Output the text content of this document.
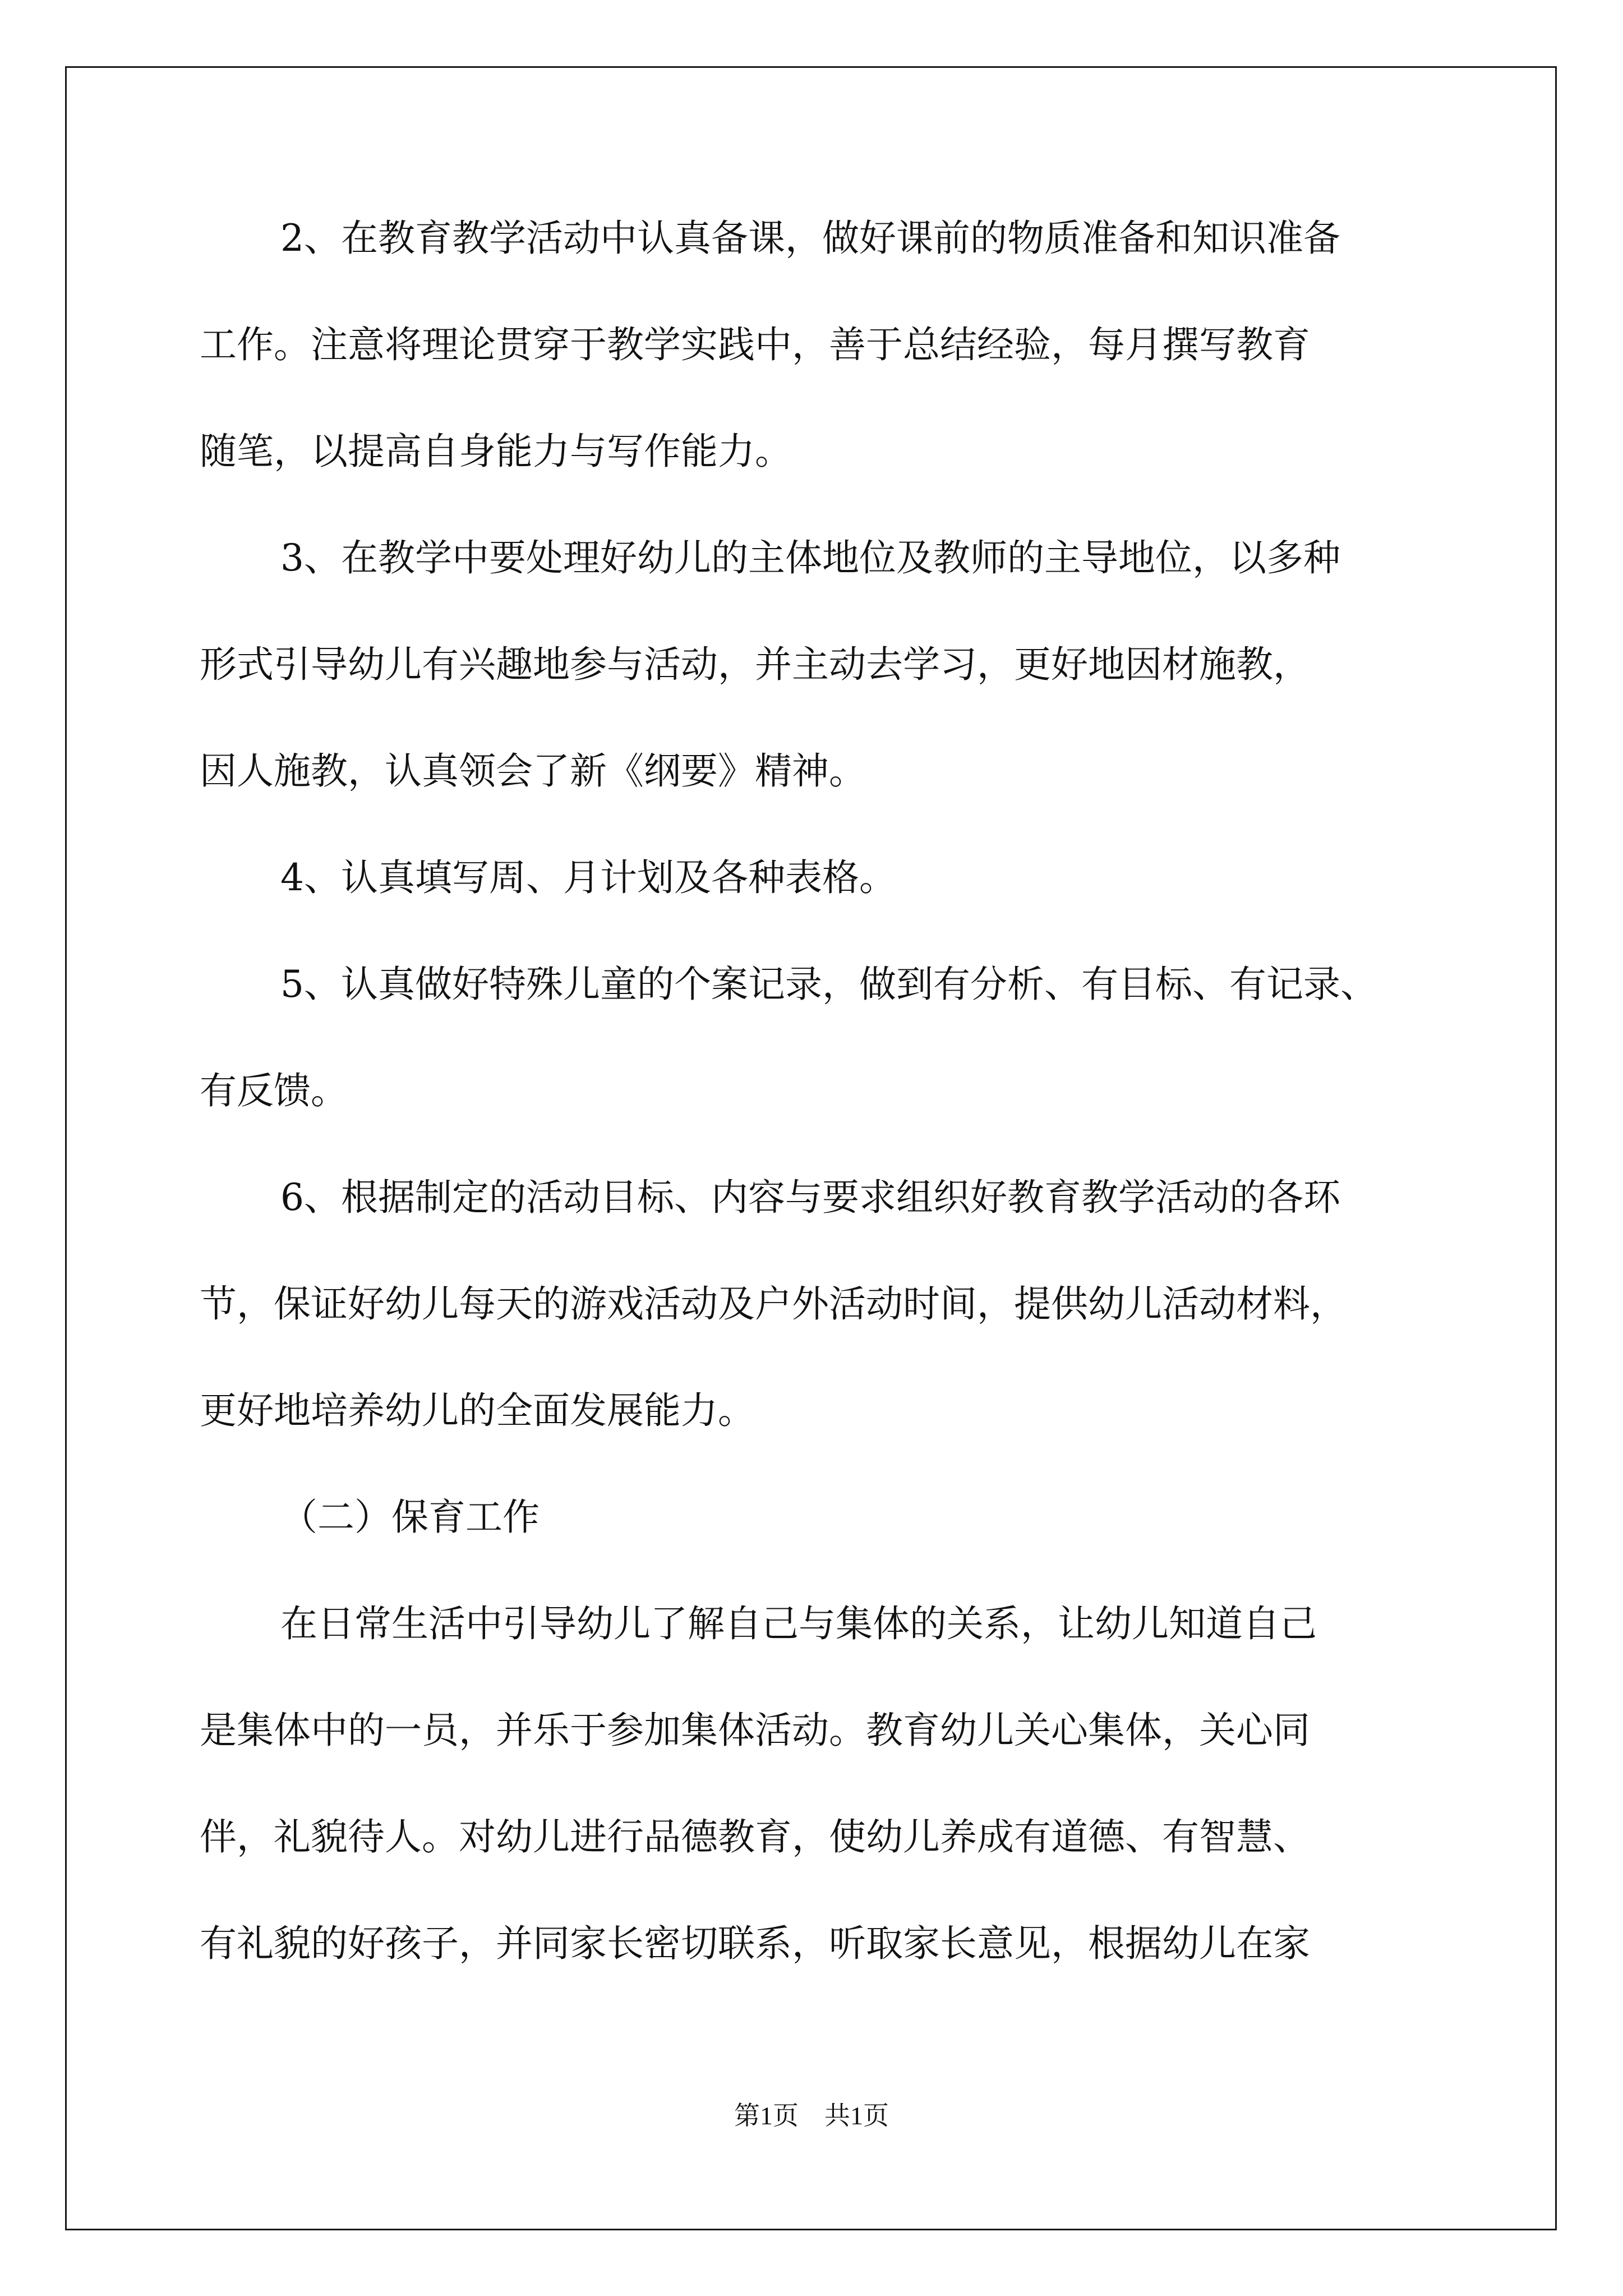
2、在教育教学活动中认真备课，做好课前的物质准备和知识准备
工作。注意将理论贯穿于教学实践中，善于总结经验，每月撰写教育
随笔，以提高自身能力与写作能力。
3、在教学中要处理好幼儿的主体地位及教师的主导地位，以多种
形式引导幼儿有兴趣地参与活动，并主动去学习，更好地因材施教，
因人施教，认真领会了新《纲要》精神。
4、认真填写周、月计划及各种表格。
5、认真做好特殊儿童的个案记录，做到有分析、有目标、有记录、
有反馈。
6、根据制定的活动目标、内容与要求组织好教育教学活动的各环
节，保证好幼儿每天的游戏活动及户外活动时间，提供幼儿活动材料，
更好地培养幼儿的全面发展能力。
（二）保育工作
在日常生活中引导幼儿了解自己与集体的关系，让幼儿知道自己
是集体中的一员，并乐于参加集体活动。教育幼儿关心集体，关心同
伴，礼貌待人。对幼儿进行品德教育，使幼儿养成有道德、有智慧、
有礼貌的好孩子，并同家长密切联系，听取家长意见，根据幼儿在家
第1页　共1页
